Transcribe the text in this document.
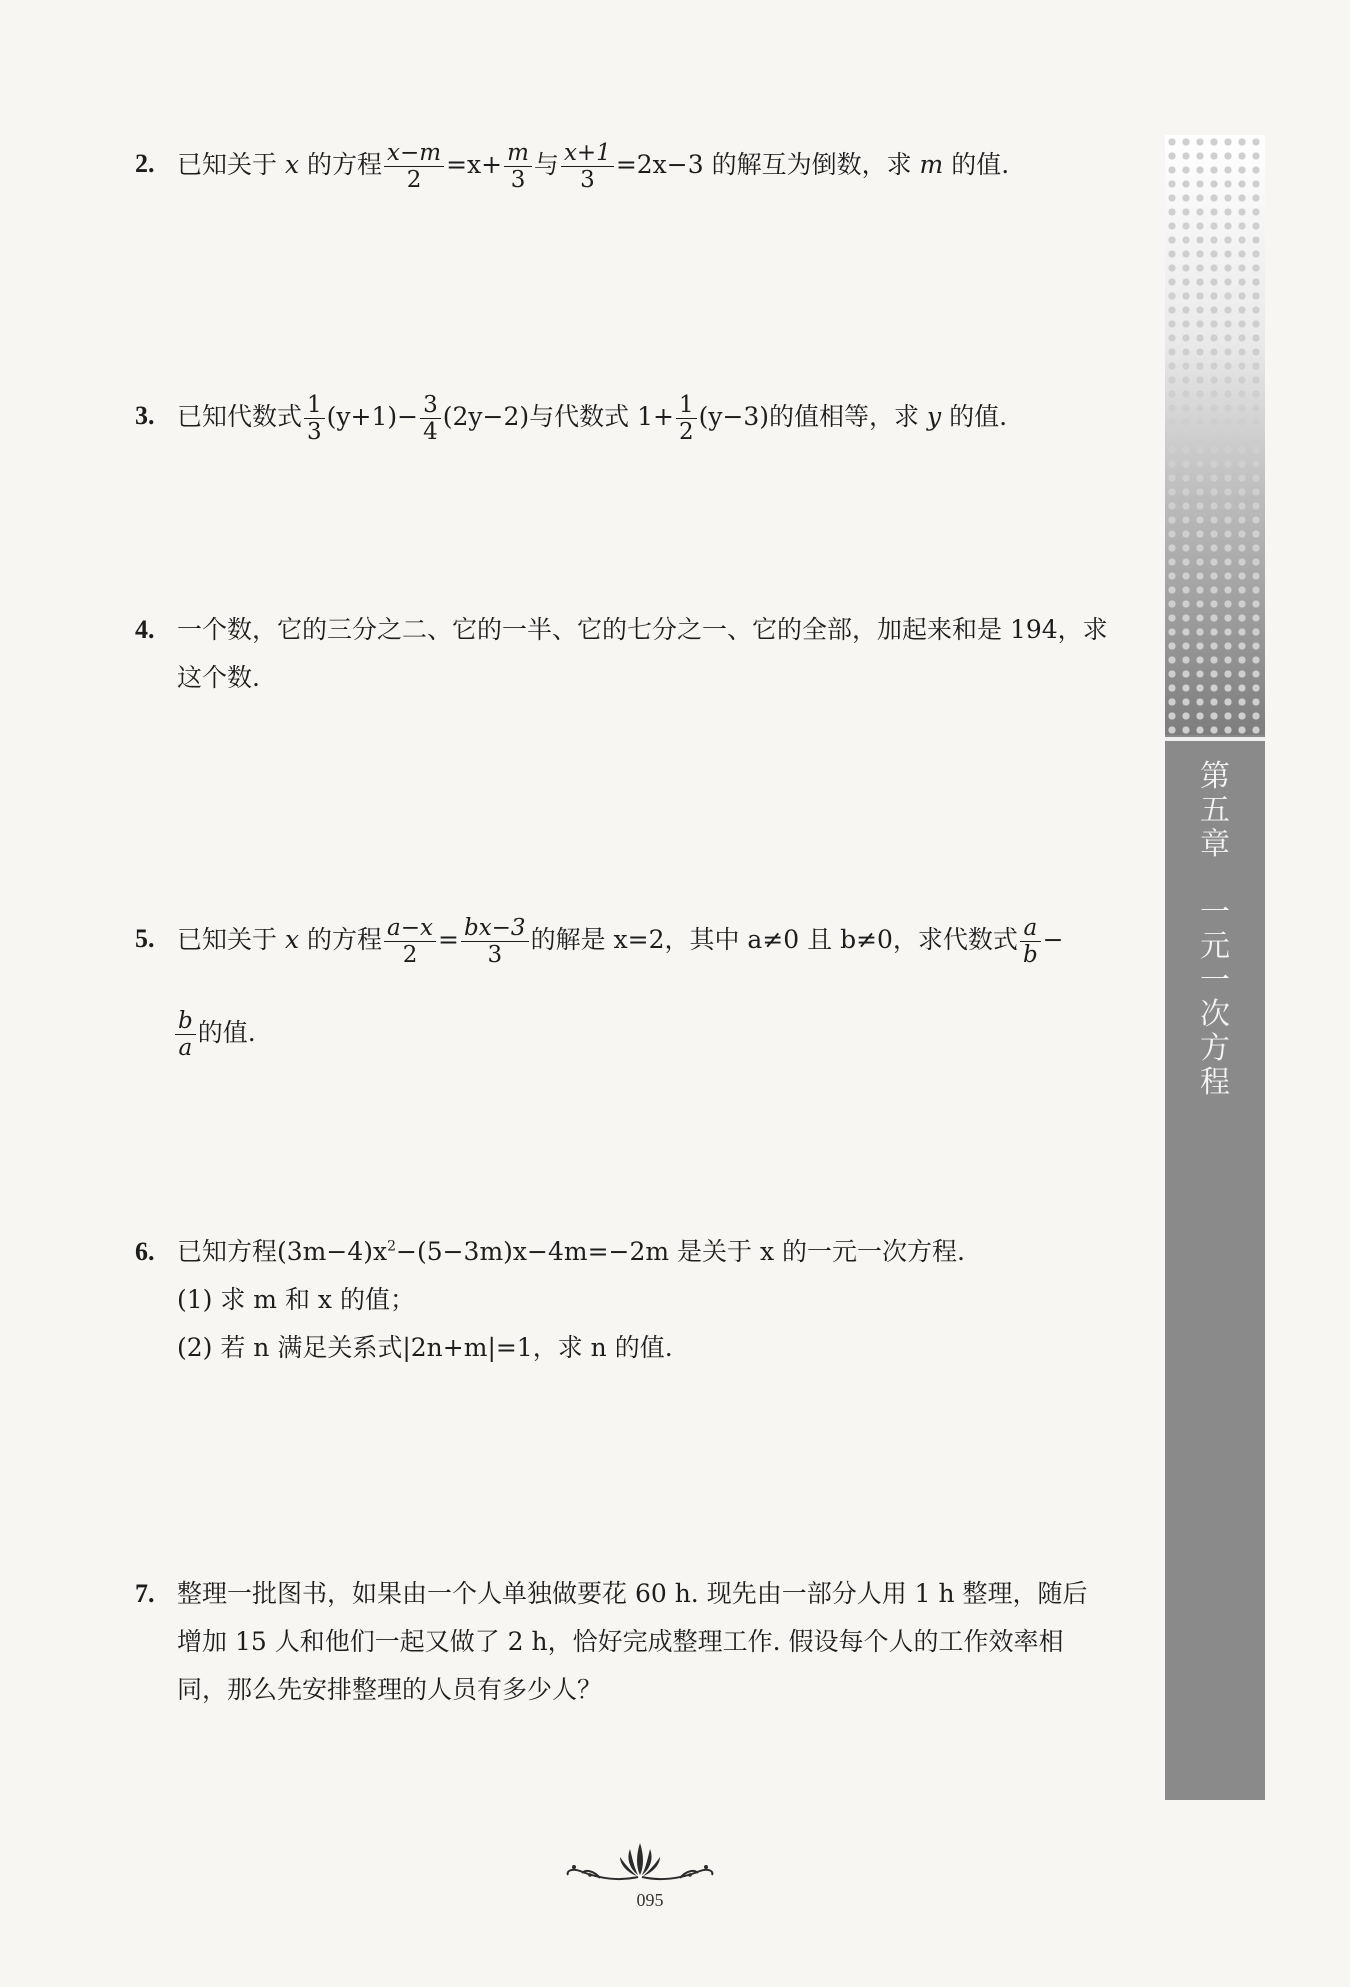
2. 已知关于 x 的方程 $\frac{x-m}{2} =x+ \frac{m}{3}$ 与 $\frac{x+1}{3} =2x-3$ 的解互为倒数，求 m 的值.
3. 已知代数式 $\frac{1}{3} (y+1)- \frac{3}{4} (2y-2)$与代数式 $1+ \frac{1}{2} (y-3)$的值相等，求 y 的值.
4. 一个数，它的三分之二、它的一半、它的七分之一、它的全部，加起来和是 194，求
这个数.
5. 已知关于 x 的方程 $\frac{a-x}{2} = \frac{bx-3}{3}$ 的解是 x=2，其中 a≠0 且 b≠0，求代数式 $\frac{a}{b}$ −
$\frac{b}{a}$ 的值.
6. 已知方程$(3m-4)x^2-(5-3m)x-4m=-2m$ 是关于 x 的一元一次方程.
(1) 求 m 和 x 的值；
(2) 若 n 满足关系式|2n+m|=1，求 n 的值.
7. 整理一批图书，如果由一个人单独做要花 60 h. 现先由一部分人用 1 h 整理，随后
增加 15 人和他们一起又做了 2 h，恰好完成整理工作. 假设每个人的工作效率相
同，那么先安排整理的人员有多少人？
第
五
章
一
元
一
次
方
程
095
